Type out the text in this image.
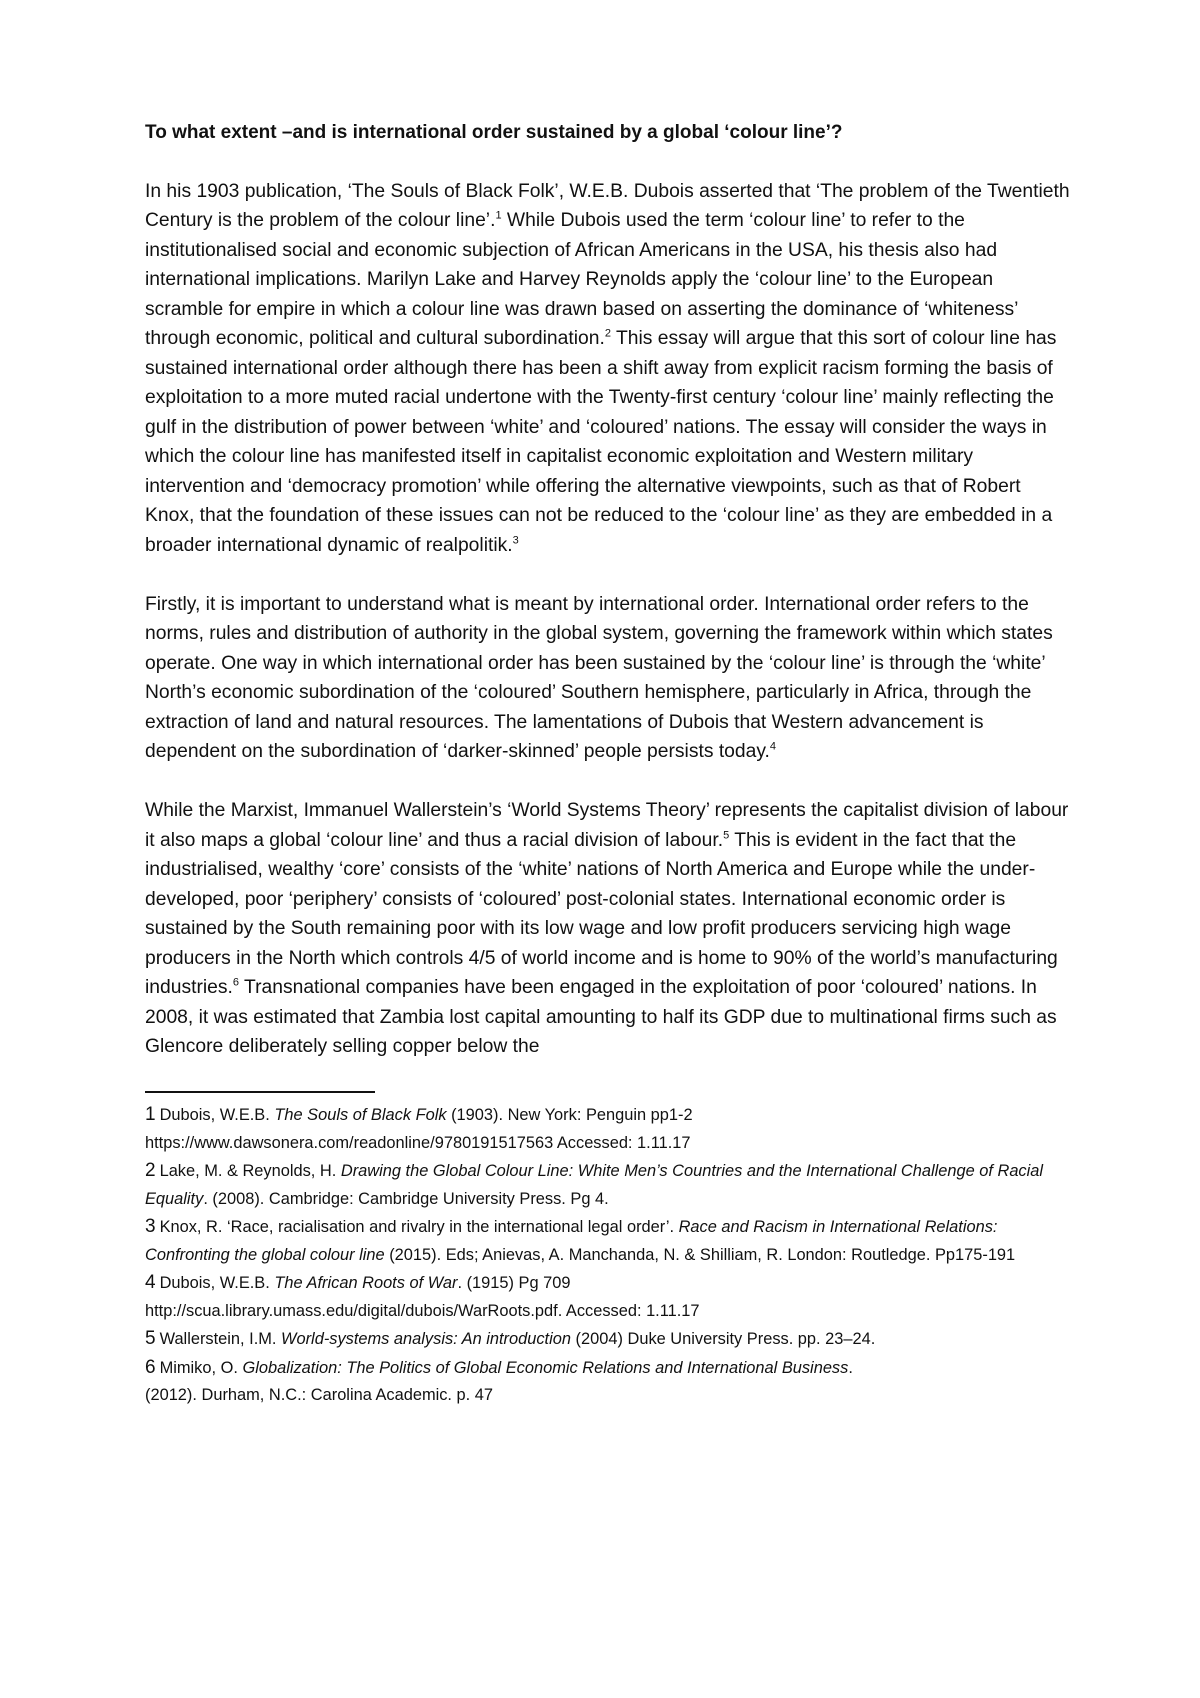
To what extent –and is international order sustained by a global ‘colour line’?

In his 1903 publication, ‘The Souls of Black Folk’, W.E.B. Dubois asserted that ‘The problem of the Twentieth Century is the problem of the colour line’.$^1$ While Dubois used the term ‘colour line’ to refer to the institutionalised social and economic subjection of African Americans in the USA, his thesis also had international implications. Marilyn Lake and Harvey Reynolds apply the ‘colour line’ to the European scramble for empire in which a colour line was drawn based on asserting the dominance of ‘whiteness’ through economic, political and cultural subordination.$^2$ This essay will argue that this sort of colour line has sustained international order although there has been a shift away from explicit racism forming the basis of exploitation to a more muted racial undertone with the Twenty-first century ‘colour line’ mainly reflecting the gulf in the distribution of power between ‘white’ and ‘coloured’ nations. The essay will consider the ways in which the colour line has manifested itself in capitalist economic exploitation and Western military intervention and ‘democracy promotion’ while offering the alternative viewpoints, such as that of Robert Knox, that the foundation of these issues can not be reduced to the ‘colour line’ as they are embedded in a broader international dynamic of realpolitik.$^3$

Firstly, it is important to understand what is meant by international order. International order refers to the norms, rules and distribution of authority in the global system, governing the framework within which states operate. One way in which international order has been sustained by the ‘colour line’ is through the ‘white’ North’s economic subordination of the ‘coloured’ Southern hemisphere, particularly in Africa, through the extraction of land and natural resources. The lamentations of Dubois that Western advancement is dependent on the subordination of ‘darker-skinned’ people persists today.$^4$

While the Marxist, Immanuel Wallerstein’s ‘World Systems Theory’ represents the capitalist division of labour it also maps a global ‘colour line’ and thus a racial division of labour.$^5$ This is evident in the fact that the industrialised, wealthy ‘core’ consists of the ‘white’ nations of North America and Europe while the under-developed, poor ‘periphery’ consists of ‘coloured’ post-colonial states. International economic order is sustained by the South remaining poor with its low wage and low profit producers servicing high wage producers in the North which controls 4/5 of world income and is home to 90% of the world’s manufacturing industries.$^6$ Transnational companies have been engaged in the exploitation of poor ‘coloured’ nations. In 2008, it was estimated that Zambia lost capital amounting to half its GDP due to multinational firms such as Glencore deliberately selling copper below the

1 Dubois, W.E.B. The Souls of Black Folk (1903). New York: Penguin pp1-2
https://www.dawsonera.com/readonline/9780191517563 Accessed: 1.11.17
2 Lake, M. & Reynolds, H. Drawing the Global Colour Line: White Men’s Countries and the International Challenge of Racial Equality. (2008). Cambridge: Cambridge University Press. Pg 4.
3 Knox, R. ‘Race, racialisation and rivalry in the international legal order’. Race and Racism in International Relations: Confronting the global colour line (2015). Eds; Anievas, A. Manchanda, N. & Shilliam, R. London: Routledge. Pp175-191
4 Dubois, W.E.B. The African Roots of War. (1915) Pg 709
http://scua.library.umass.edu/digital/dubois/WarRoots.pdf. Accessed: 1.11.17
5 Wallerstein, I.M. World-systems analysis: An introduction (2004) Duke University Press. pp. 23–24.
6 Mimiko, O. Globalization: The Politics of Global Economic Relations and International Business.
(2012). Durham, N.C.: Carolina Academic. p. 47
